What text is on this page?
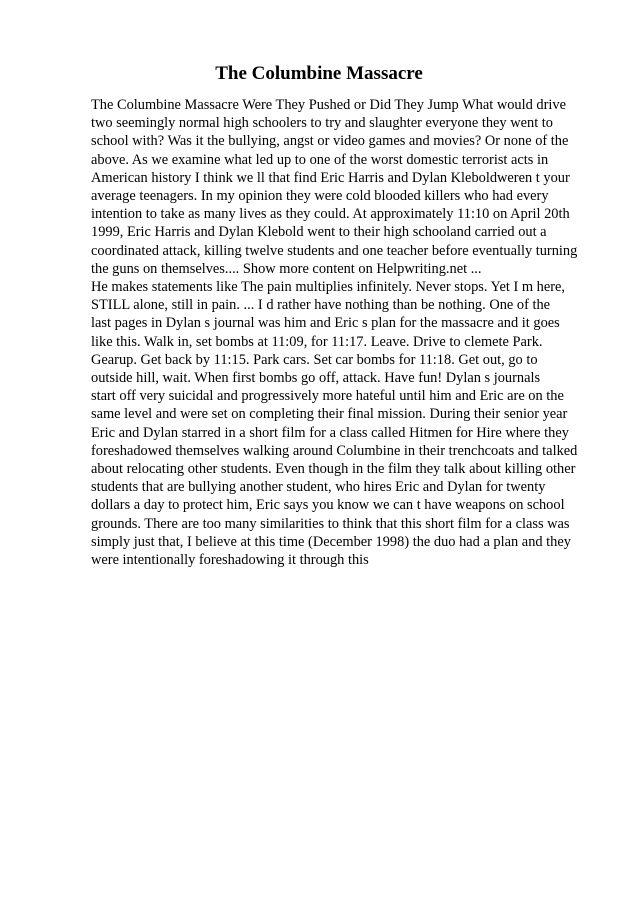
The Columbine Massacre
The Columbine Massacre Were They Pushed or Did They Jump What would drive
two seemingly normal high schoolers to try and slaughter everyone they went to
school with? Was it the bullying, angst or video games and movies? Or none of the
above. As we examine what led up to one of the worst domestic terrorist acts in
American history I think we ll that find Eric Harris and Dylan Kleboldweren t your
average teenagers. In my opinion they were cold blooded killers who had every
intention to take as many lives as they could. At approximately 11:10 on April 20th
1999, Eric Harris and Dylan Klebold went to their high schooland carried out a
coordinated attack, killing twelve students and one teacher before eventually turning
the guns on themselves.... Show more content on Helpwriting.net ...
He makes statements like The pain multiplies infinitely. Never stops. Yet I m here,
STILL alone, still in pain. ... I d rather have nothing than be nothing. One of the
last pages in Dylan s journal was him and Eric s plan for the massacre and it goes
like this. Walk in, set bombs at 11:09, for 11:17. Leave. Drive to clemete Park.
Gearup. Get back by 11:15. Park cars. Set car bombs for 11:18. Get out, go to
outside hill, wait. When first bombs go off, attack. Have fun! Dylan s journals
start off very suicidal and progressively more hateful until him and Eric are on the
same level and were set on completing their final mission. During their senior year
Eric and Dylan starred in a short film for a class called Hitmen for Hire where they
foreshadowed themselves walking around Columbine in their trenchcoats and talked
about relocating other students. Even though in the film they talk about killing other
students that are bullying another student, who hires Eric and Dylan for twenty
dollars a day to protect him, Eric says you know we can t have weapons on school
grounds. There are too many similarities to think that this short film for a class was
simply just that, I believe at this time (December 1998) the duo had a plan and they
were intentionally foreshadowing it through this
